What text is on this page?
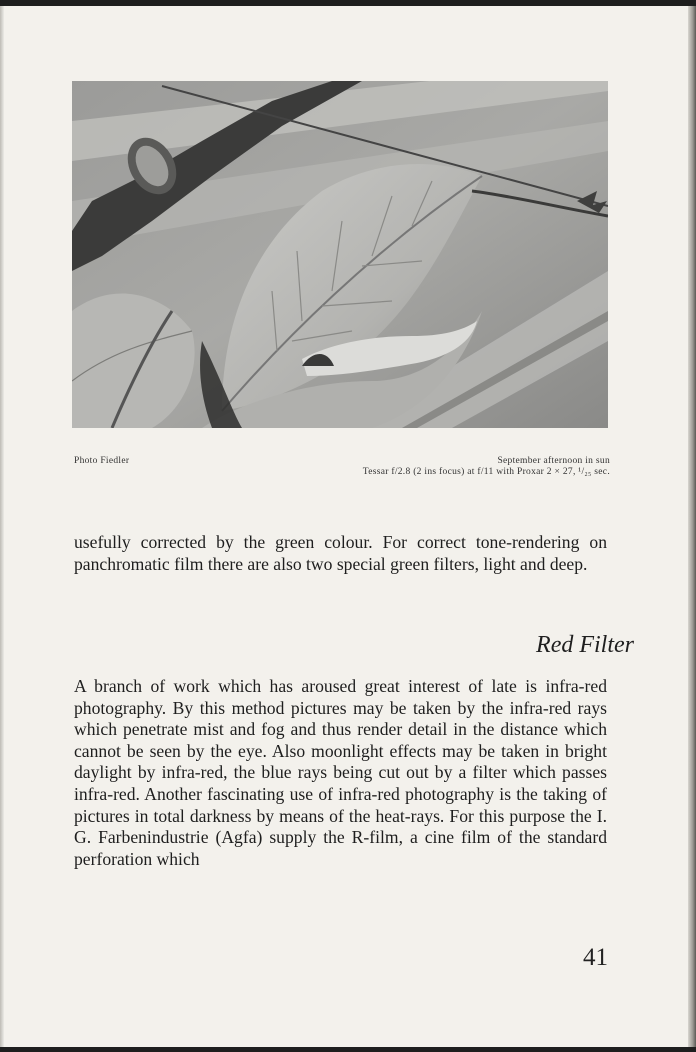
Photo Fiedler	September afternoon in sun
Tessar f/2.8 (2 ins focus) at f/11 with Proxar 2 × 27, ¹/₂₅ sec.

usefully corrected by the green colour. For correct tone-rendering on panchromatic film there are also two special green filters, light and deep.

Red Filter

A branch of work which has aroused great interest of late is infra-red photography. By this method pictures may be taken by the infra-red rays which penetrate mist and fog and thus render detail in the distance which cannot be seen by the eye. Also moonlight effects may be taken in bright daylight by infra-red, the blue rays being cut out by a filter which passes infra-red. Another fascinating use of infra-red photography is the taking of pictures in total darkness by means of the heat-rays. For this purpose the I. G. Farbenindustrie (Agfa) supply the R-film, a cine film of the standard perforation which

41
